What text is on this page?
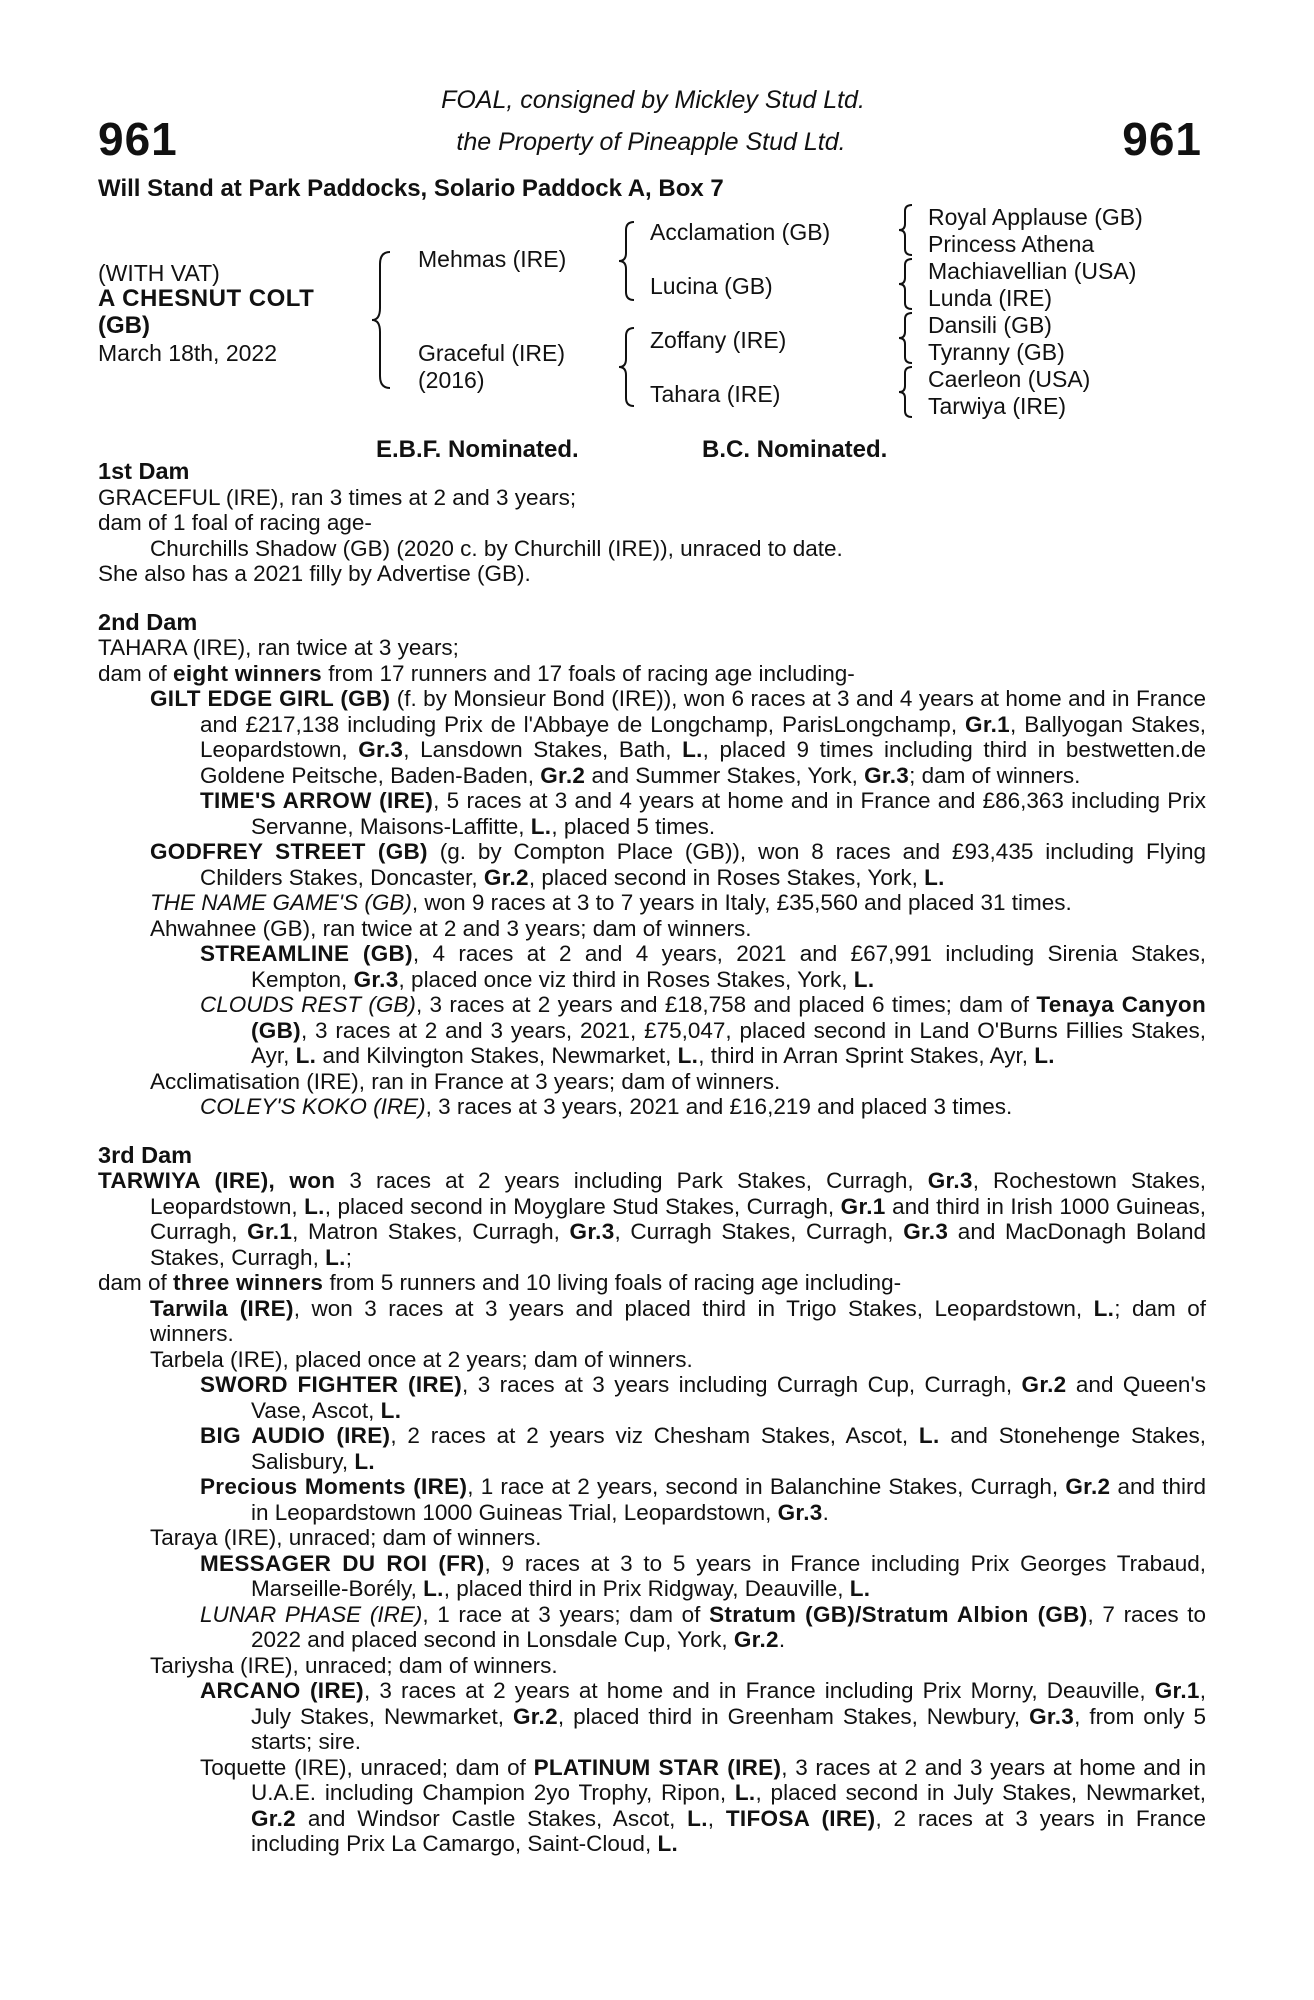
961	961
FOAL, consigned by Mickley Stud Ltd.
the Property of Pineapple Stud Ltd.
Will Stand at Park Paddocks, Solario Paddock A, Box 7
(WITH VAT)
A CHESNUT COLT
(GB)
March 18th, 2022
Mehmas (IRE)
Graceful (IRE)
(2016)
Acclamation (GB)
Lucina (GB)
Zoffany (IRE)
Tahara (IRE)
Royal Applause (GB)
Princess Athena
Machiavellian (USA)
Lunda (IRE)
Dansili (GB)
Tyranny (GB)
Caerleon (USA)
Tarwiya (IRE)
E.B.F. Nominated.	B.C. Nominated.
1st Dam

GRACEFUL (IRE), ran 3 times at 2 and 3 years;

dam of 1 foal of racing age-

Churchills Shadow (GB) (2020 c. by Churchill (IRE)), unraced to date.

She also has a 2021 filly by Advertise (GB).

2nd Dam

TAHARA (IRE), ran twice at 3 years;

dam of eight winners from 17 runners and 17 foals of racing age including-

GILT EDGE GIRL (GB) (f. by Monsieur Bond (IRE)), won 6 races at 3 and 4 years at home and in France and £217,138 including Prix de l'Abbaye de Longchamp, ParisLongchamp, Gr.1, Ballyogan Stakes, Leopardstown, Gr.3, Lansdown Stakes, Bath, L., placed 9 times including third in bestwetten.de Goldene Peitsche, Baden-Baden, Gr.2 and Summer Stakes, York, Gr.3; dam of winners.

TIME'S ARROW (IRE), 5 races at 3 and 4 years at home and in France and £86,363 including Prix Servanne, Maisons-Laffitte, L., placed 5 times.

GODFREY STREET (GB) (g. by Compton Place (GB)), won 8 races and £93,435 including Flying Childers Stakes, Doncaster, Gr.2, placed second in Roses Stakes, York, L.

THE NAME GAME'S (GB), won 9 races at 3 to 7 years in Italy, £35,560 and placed 31 times.

Ahwahnee (GB), ran twice at 2 and 3 years; dam of winners.

STREAMLINE (GB), 4 races at 2 and 4 years, 2021 and £67,991 including Sirenia Stakes, Kempton, Gr.3, placed once viz third in Roses Stakes, York, L.

CLOUDS REST (GB), 3 races at 2 years and £18,758 and placed 6 times; dam of Tenaya Canyon (GB), 3 races at 2 and 3 years, 2021, £75,047, placed second in Land O'Burns Fillies Stakes, Ayr, L. and Kilvington Stakes, Newmarket, L., third in Arran Sprint Stakes, Ayr, L.

Acclimatisation (IRE), ran in France at 3 years; dam of winners.

COLEY'S KOKO (IRE), 3 races at 3 years, 2021 and £16,219 and placed 3 times.

3rd Dam

TARWIYA (IRE), won 3 races at 2 years including Park Stakes, Curragh, Gr.3, Rochestown Stakes, Leopardstown, L., placed second in Moyglare Stud Stakes, Curragh, Gr.1 and third in Irish 1000 Guineas, Curragh, Gr.1, Matron Stakes, Curragh, Gr.3, Curragh Stakes, Curragh, Gr.3 and MacDonagh Boland Stakes, Curragh, L.;

dam of three winners from 5 runners and 10 living foals of racing age including-

Tarwila (IRE), won 3 races at 3 years and placed third in Trigo Stakes, Leopardstown, L.; dam of winners.

Tarbela (IRE), placed once at 2 years; dam of winners.

SWORD FIGHTER (IRE), 3 races at 3 years including Curragh Cup, Curragh, Gr.2 and Queen's Vase, Ascot, L.

BIG AUDIO (IRE), 2 races at 2 years viz Chesham Stakes, Ascot, L. and Stonehenge Stakes, Salisbury, L.

Precious Moments (IRE), 1 race at 2 years, second in Balanchine Stakes, Curragh, Gr.2 and third in Leopardstown 1000 Guineas Trial, Leopardstown, Gr.3.

Taraya (IRE), unraced; dam of winners.

MESSAGER DU ROI (FR), 9 races at 3 to 5 years in France including Prix Georges Trabaud, Marseille-Borély, L., placed third in Prix Ridgway, Deauville, L.

LUNAR PHASE (IRE), 1 race at 3 years; dam of Stratum (GB)/Stratum Albion (GB), 7 races to 2022 and placed second in Lonsdale Cup, York, Gr.2.

Tariysha (IRE), unraced; dam of winners.

ARCANO (IRE), 3 races at 2 years at home and in France including Prix Morny, Deauville, Gr.1, July Stakes, Newmarket, Gr.2, placed third in Greenham Stakes, Newbury, Gr.3, from only 5 starts; sire.

Toquette (IRE), unraced; dam of PLATINUM STAR (IRE), 3 races at 2 and 3 years at home and in U.A.E. including Champion 2yo Trophy, Ripon, L., placed second in July Stakes, Newmarket, Gr.2 and Windsor Castle Stakes, Ascot, L., TIFOSA (IRE), 2 races at 3 years in France including Prix La Camargo, Saint-Cloud, L.
